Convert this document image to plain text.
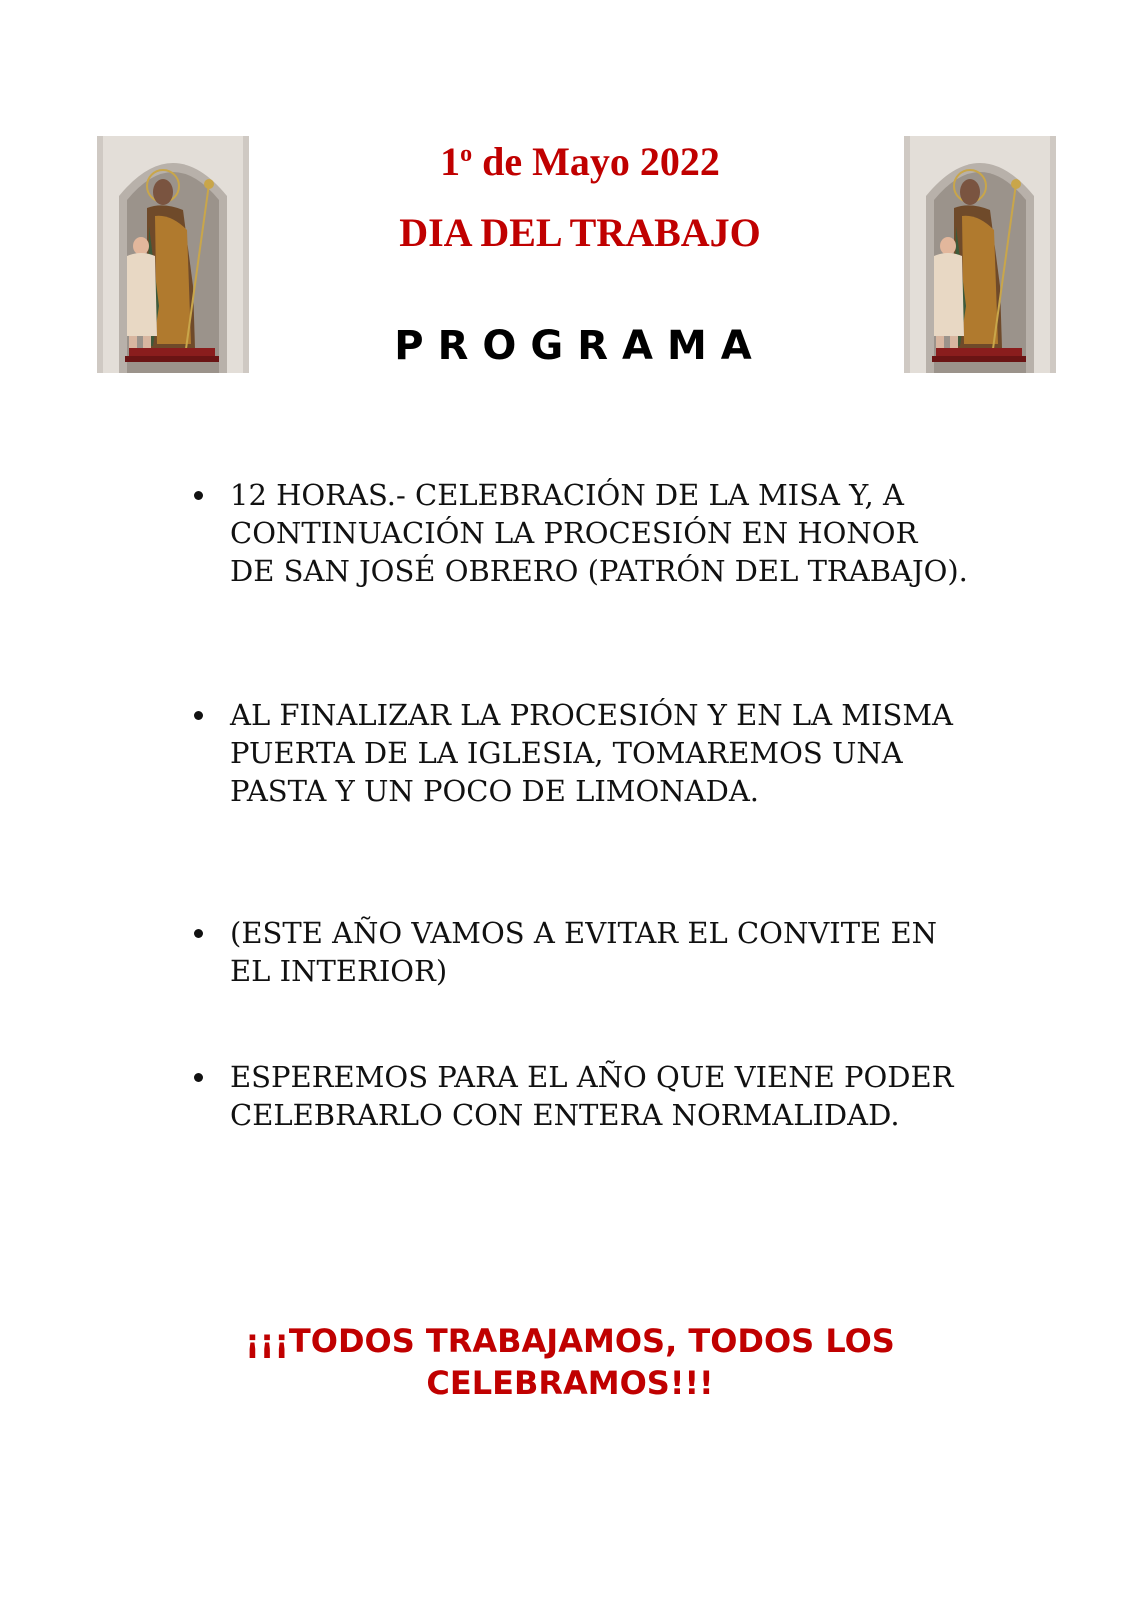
1$^o$ de Mayo 2022
DIA DEL TRABAJO
PROGRAMA
12 HORAS.- CELEBRACIÓN DE LA MISA Y, A CONTINUACIÓN LA PROCESIÓN EN HONOR DE SAN JOSÉ OBRERO (PATRÓN DEL TRABAJO).
AL FINALIZAR LA PROCESIÓN Y EN LA MISMA PUERTA DE LA IGLESIA, TOMAREMOS UNA PASTA Y UN POCO DE LIMONADA.
(ESTE AÑO VAMOS A EVITAR EL CONVITE EN EL INTERIOR)
ESPEREMOS PARA EL AÑO QUE VIENE PODER CELEBRARLO CON ENTERA NORMALIDAD.
¡¡¡TODOS TRABAJAMOS, TODOS LOS
CELEBRAMOS!!!
